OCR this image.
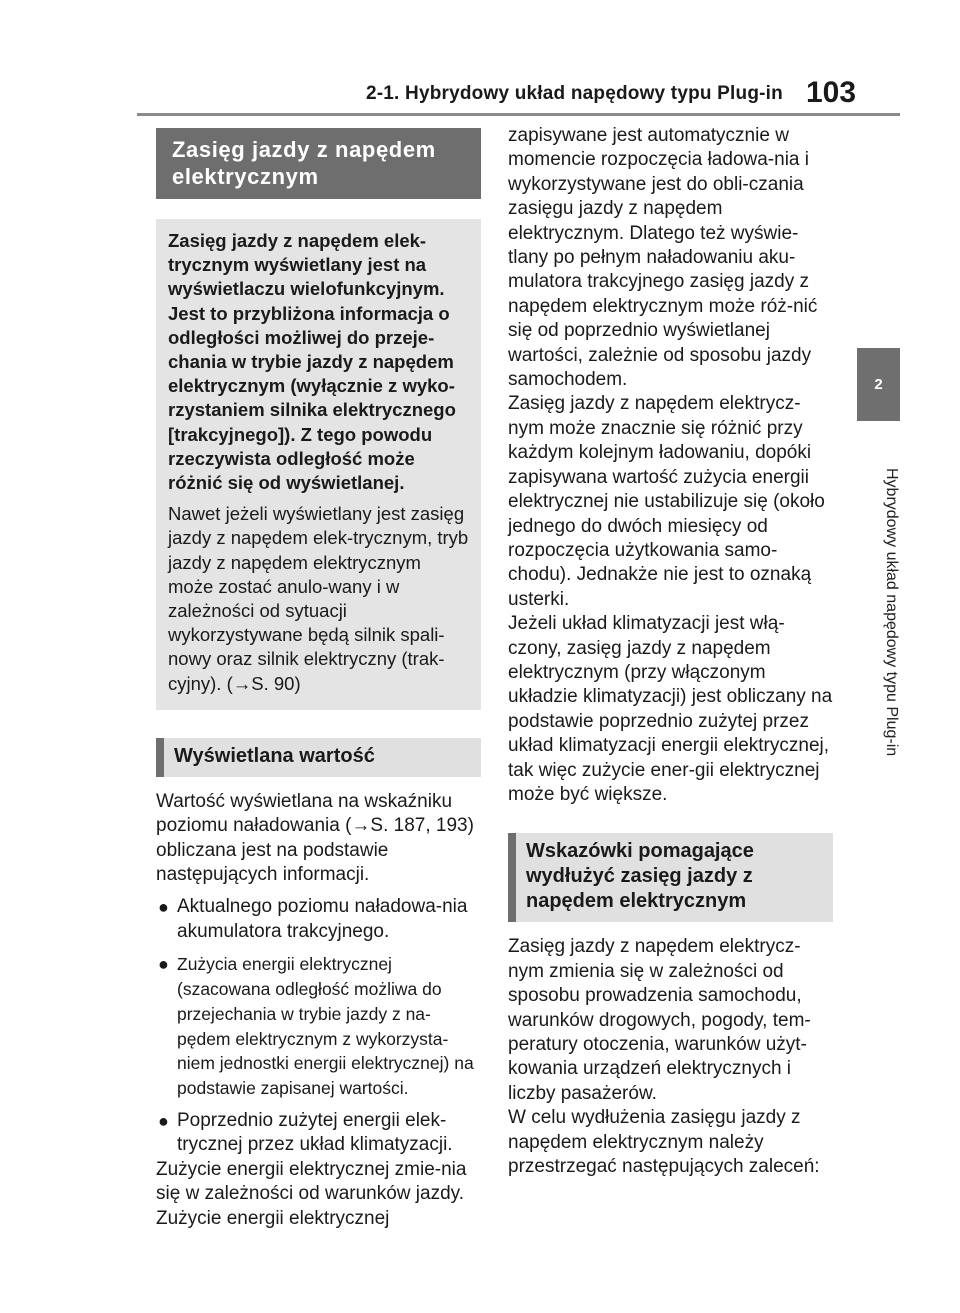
2-1. Hybrydowy układ napędowy typu Plug-in 103
2
Hybrydowy układ napędowy typu Plug-in
Zasięg jazdy z napędem elektrycznym

Zasięg jazdy z napędem elek-trycznym wyświetlany jest na wyświetlaczu wielofunkcyjnym. Jest to przybliżona informacja o odległości możliwej do przeje-chania w trybie jazdy z napędem elektrycznym (wyłącznie z wyko-rzystaniem silnika elektrycznego [trakcyjnego]). Z tego powodu rzeczywista odległość może różnić się od wyświetlanej.

Nawet jeżeli wyświetlany jest zasięg jazdy z napędem elek-trycznym, tryb jazdy z napędem elektrycznym może zostać anulo-wany i w zależności od sytuacji wykorzystywane będą silnik spali-nowy oraz silnik elektryczny (trak-cyjny). (→S. 90)

Wyświetlana wartość

Wartość wyświetlana na wskaźniku poziomu naładowania (→S. 187, 193) obliczana jest na podstawie następujących informacji.

● Aktualnego poziomu naładowa-nia akumulatora trakcyjnego.
● Zużycia energii elektrycznej (szacowana odległość możliwa do przejechania w trybie jazdy z na-pędem elektrycznym z wykorzysta-niem jednostki energii elektrycznej) na podstawie zapisanej wartości.
● Poprzednio zużytej energii elek-trycznej przez układ klimatyzacji.

Zużycie energii elektrycznej zmie-nia się w zależności od warunków jazdy. Zużycie energii elektrycznej

zapisywane jest automatycznie w momencie rozpoczęcia ładowa-nia i wykorzystywane jest do obli-czania zasięgu jazdy z napędem elektrycznym. Dlatego też wyświe-tlany po pełnym naładowaniu aku-mulatora trakcyjnego zasięg jazdy z napędem elektrycznym może róż-nić się od poprzednio wyświetlanej wartości, zależnie od sposobu jazdy samochodem.

Zasięg jazdy z napędem elektrycz-nym może znacznie się różnić przy każdym kolejnym ładowaniu, dopóki zapisywana wartość zużycia energii elektrycznej nie ustabilizuje się (około jednego do dwóch miesięcy od rozpoczęcia użytkowania samo-chodu). Jednakże nie jest to oznaką usterki.

Jeżeli układ klimatyzacji jest włą-czony, zasięg jazdy z napędem elektrycznym (przy włączonym układzie klimatyzacji) jest obliczany na podstawie poprzednio zużytej przez układ klimatyzacji energii elektrycznej, tak więc zużycie ener-gii elektrycznej może być większe.

Wskazówki pomagające wydłużyć zasięg jazdy z napędem elektrycznym

Zasięg jazdy z napędem elektrycz-nym zmienia się w zależności od sposobu prowadzenia samochodu, warunków drogowych, pogody, tem-peratury otoczenia, warunków użyt-kowania urządzeń elektrycznych i liczby pasażerów.

W celu wydłużenia zasięgu jazdy z napędem elektrycznym należy przestrzegać następujących zaleceń:
